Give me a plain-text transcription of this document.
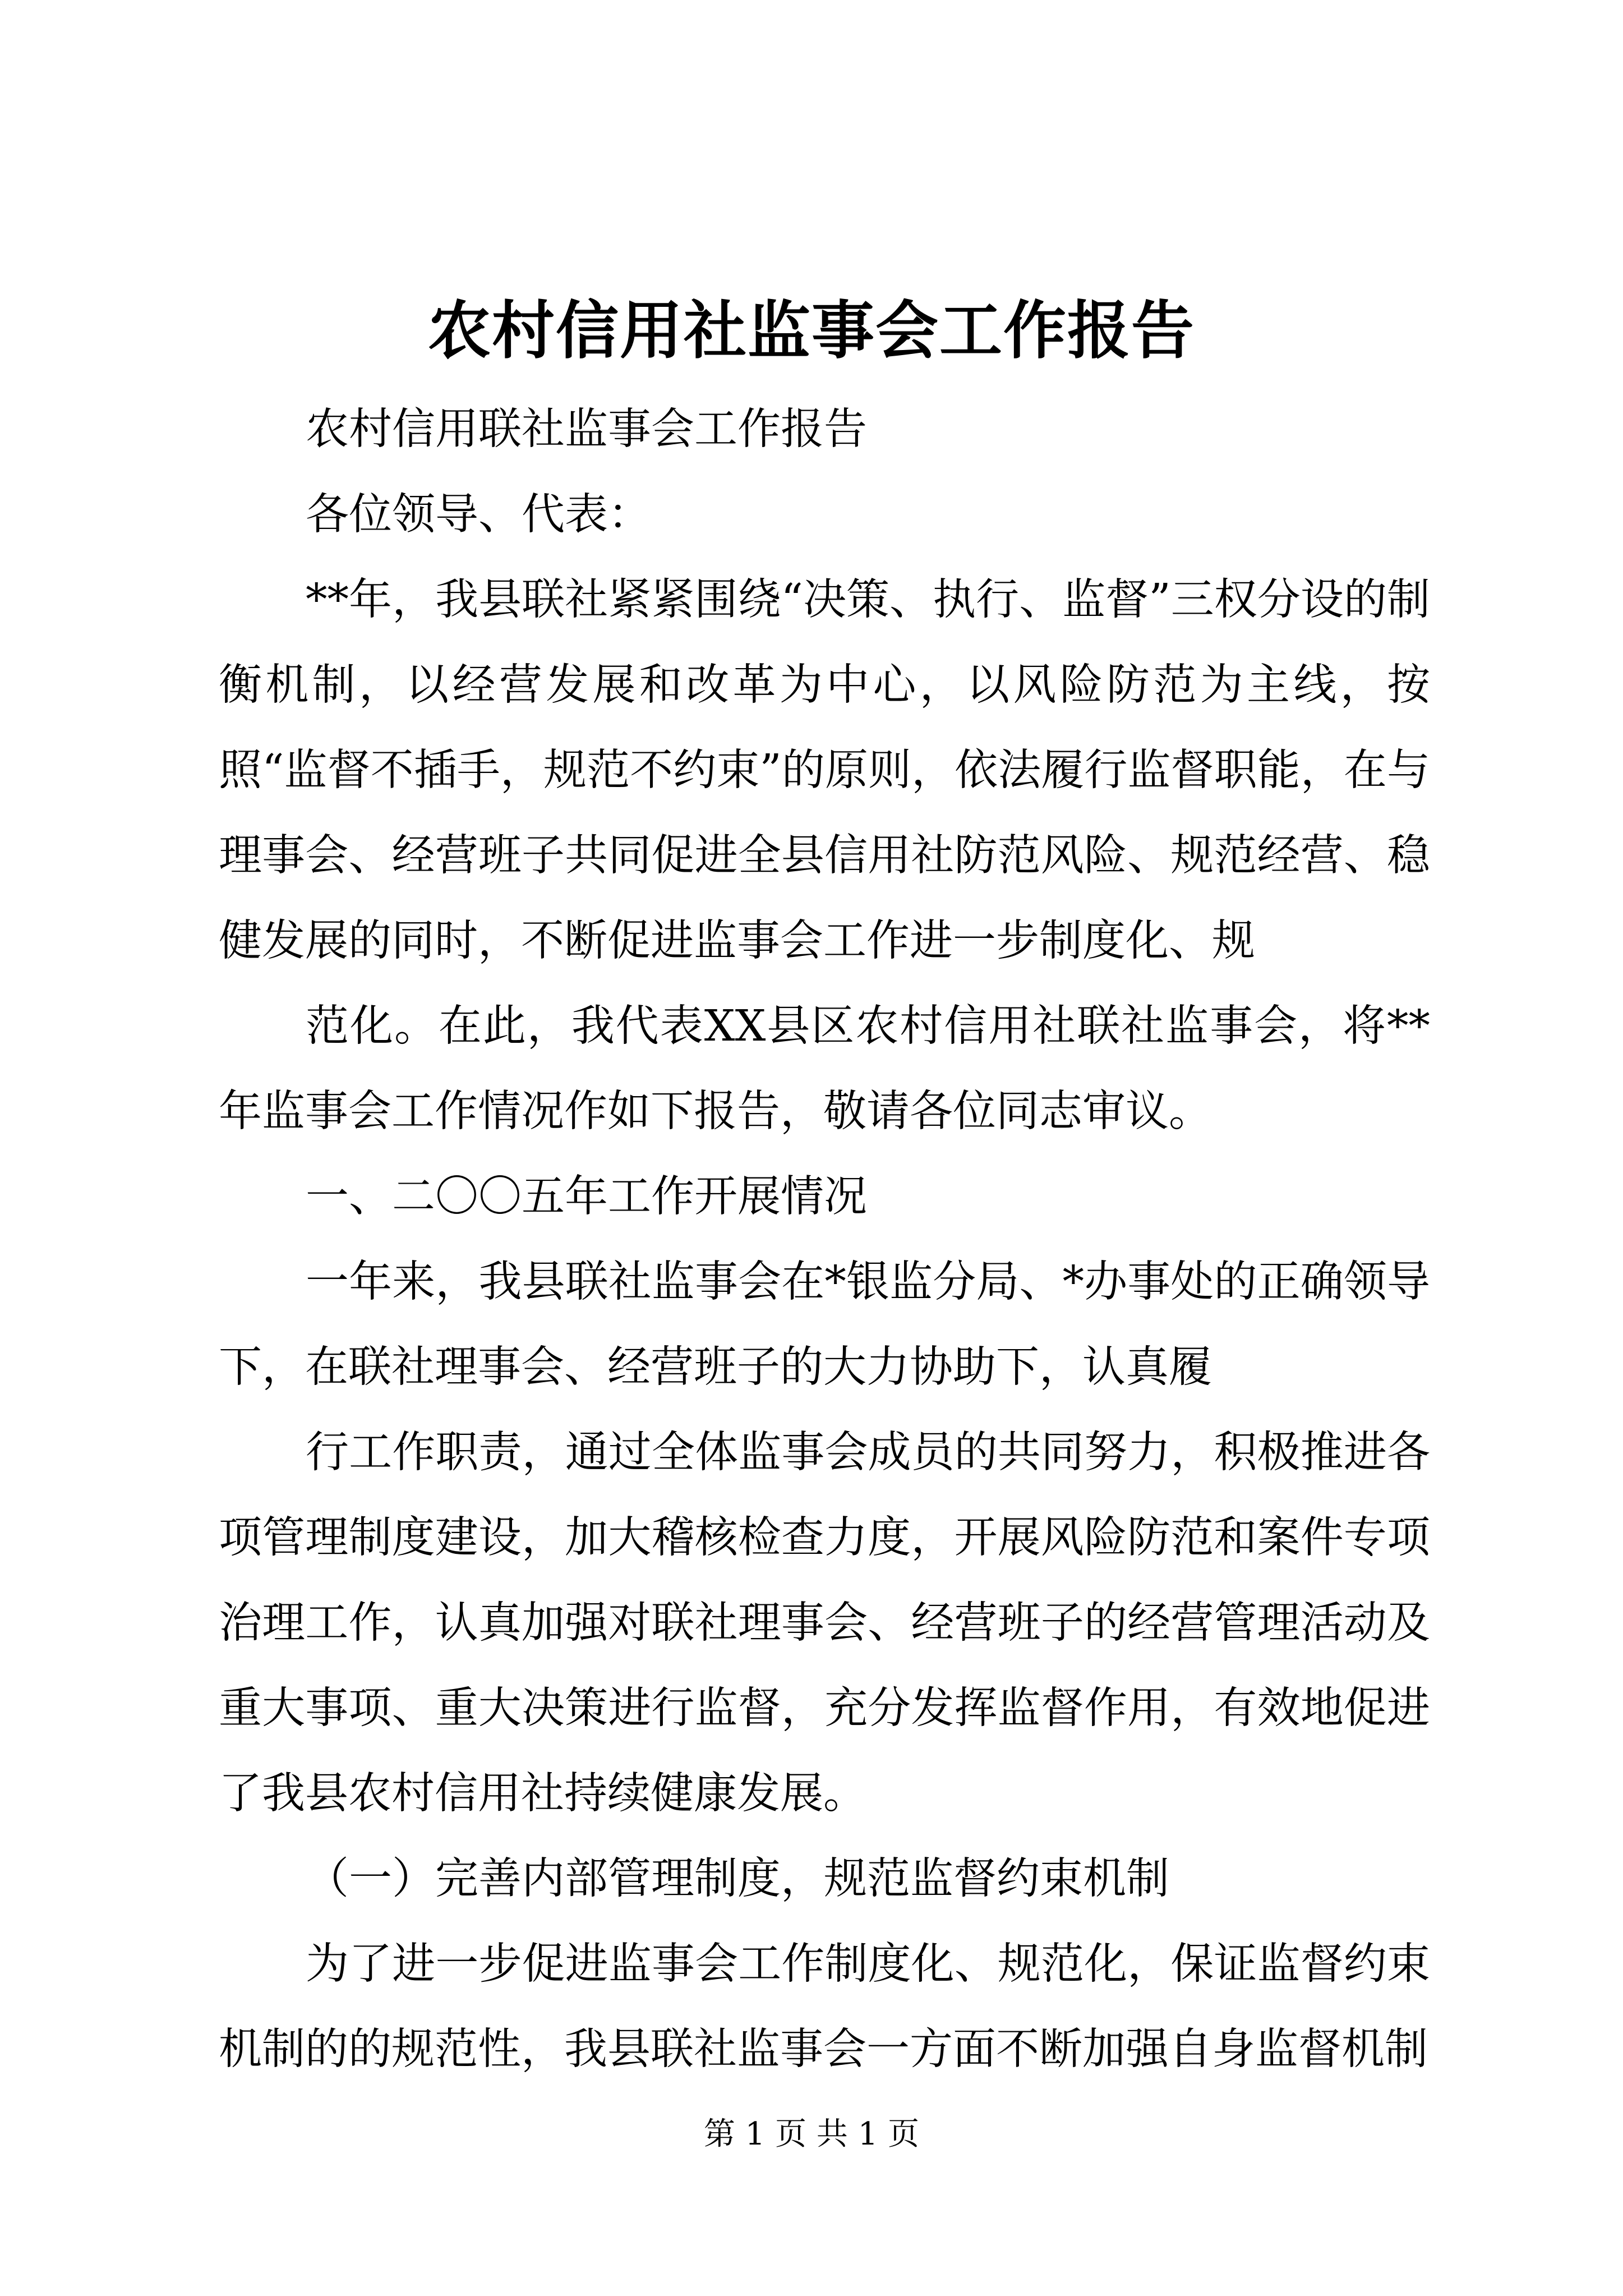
农村信用社监事会工作报告

农村信用联社监事会工作报告

各位领导、代表：

**年，我县联社紧紧围绕“决策、执行、监督”三权分设的制衡机制，以经营发展和改革为中心，以风险防范为主线，按照“监督不插手，规范不约束”的原则，依法履行监督职能，在与理事会、经营班子共同促进全县信用社防范风险、规范经营、稳健发展的同时，不断促进监事会工作进一步制度化、规

范化。在此，我代表XX县区农村信用社联社监事会，将**年监事会工作情况作如下报告，敬请各位同志审议。

一、二〇〇五年工作开展情况

一年来，我县联社监事会在*银监分局、*办事处的正确领导下，在联社理事会、经营班子的大力协助下，认真履

行工作职责，通过全体监事会成员的共同努力，积极推进各项管理制度建设，加大稽核检查力度，开展风险防范和案件专项治理工作，认真加强对联社理事会、经营班子的经营管理活动及重大事项、重大决策进行监督，充分发挥监督作用，有效地促进了我县农村信用社持续健康发展。

（一）完善内部管理制度，规范监督约束机制

为了进一步促进监事会工作制度化、规范化，保证监督约束机制的的规范性，我县联社监事会一方面不断加强自身监督机制

第 1 页 共 1 页
